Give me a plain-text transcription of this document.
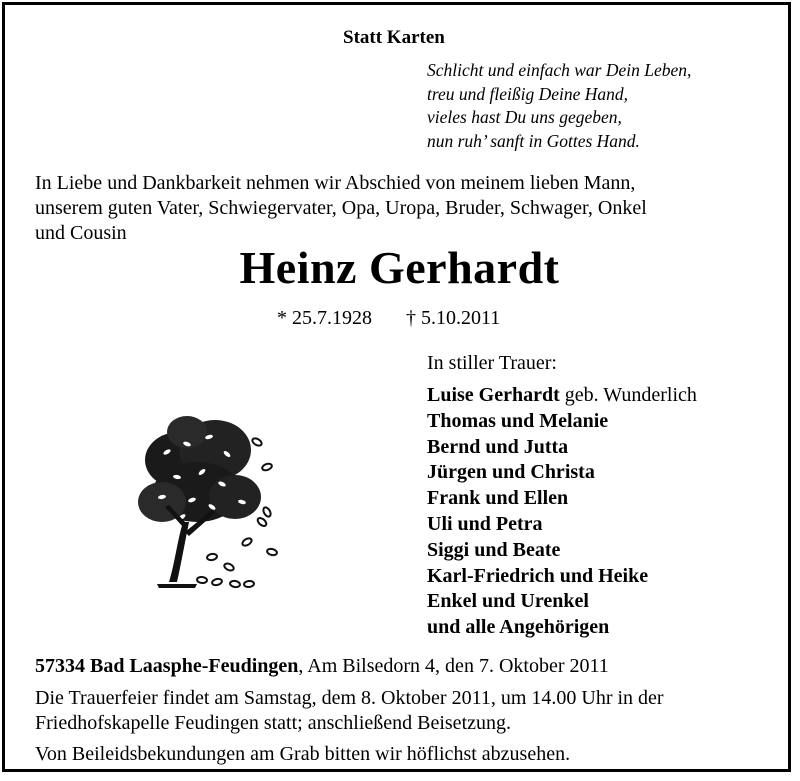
Statt Karten
Schlicht und einfach war Dein Leben,
treu und fleißig Deine Hand,
vieles hast Du uns gegeben,
nun ruh’ sanft in Gottes Hand.
In Liebe und Dankbarkeit nehmen wir Abschied von meinem lieben Mann,
unserem guten Vater, Schwiegervater, Opa, Uropa, Bruder, Schwager, Onkel
und Cousin
Heinz Gerhardt
* 25.7.1928 † 5.10.2011
In stiller Trauer:
Luise Gerhardt geb. Wunderlich
Thomas und Melanie
Bernd und Jutta
Jürgen und Christa
Frank und Ellen
Uli und Petra
Siggi und Beate
Karl-Friedrich und Heike
Enkel und Urenkel
und alle Angehörigen
57334 Bad Laasphe-Feudingen, Am Bilsedorn 4, den 7. Oktober 2011
Die Trauerfeier findet am Samstag, dem 8. Oktober 2011, um 14.00 Uhr in der
Friedhofskapelle Feudingen statt; anschließend Beisetzung.
Von Beileidsbekundungen am Grab bitten wir höflichst abzusehen.
